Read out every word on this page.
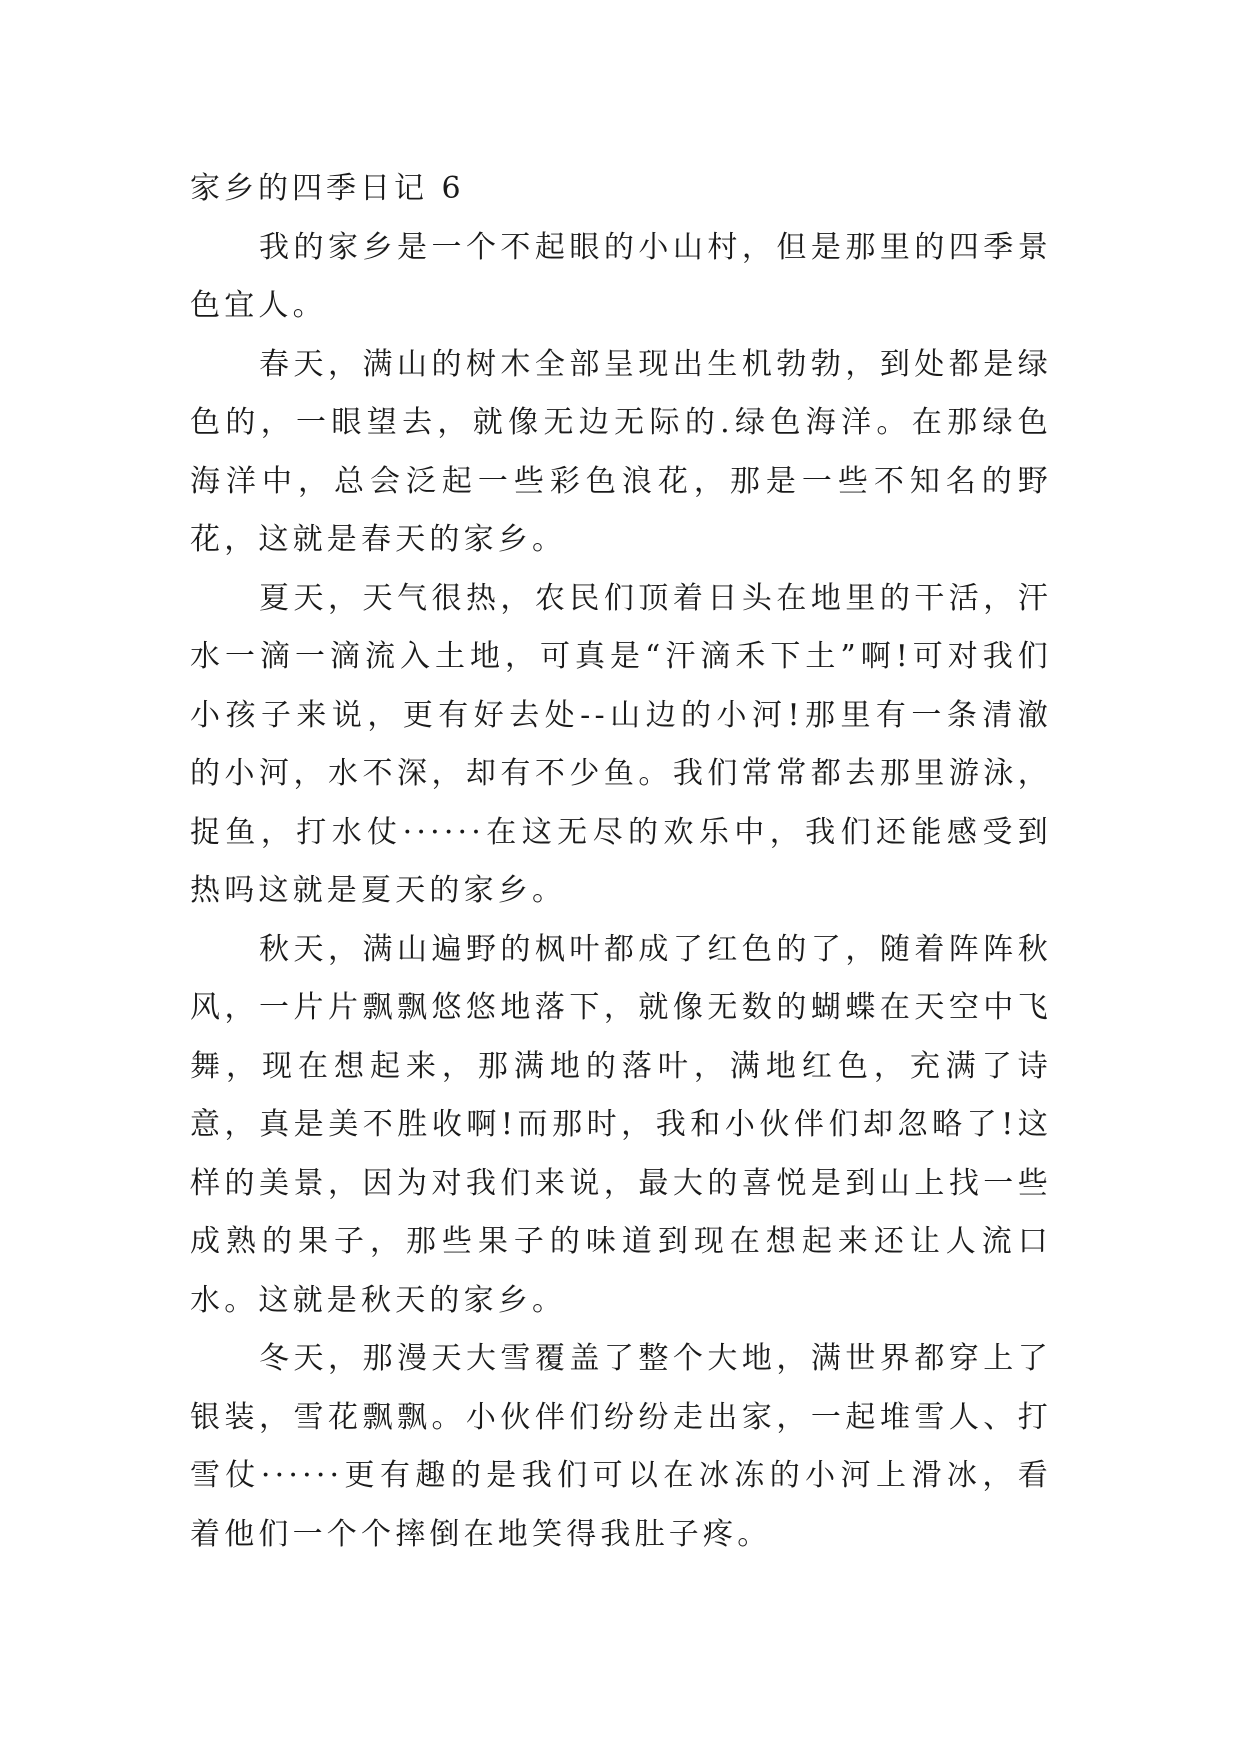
家乡的四季日记 6

我的家乡是一个不起眼的小山村，但是那里的四季景色宜人。

春天，满山的树木全部呈现出生机勃勃，到处都是绿色的，一眼望去，就像无边无际的.绿色海洋。在那绿色海洋中，总会泛起一些彩色浪花，那是一些不知名的野花，这就是春天的家乡。

夏天，天气很热，农民们顶着日头在地里的干活，汗水一滴一滴流入土地，可真是“汗滴禾下土”啊!可对我们小孩子来说，更有好去处--山边的小河!那里有一条清澈的小河，水不深，却有不少鱼。我们常常都去那里游泳，捉鱼，打水仗······在这无尽的欢乐中，我们还能感受到热吗这就是夏天的家乡。

秋天，满山遍野的枫叶都成了红色的了，随着阵阵秋风，一片片飘飘悠悠地落下，就像无数的蝴蝶在天空中飞舞，现在想起来，那满地的落叶，满地红色，充满了诗意，真是美不胜收啊!而那时，我和小伙伴们却忽略了!这样的美景，因为对我们来说，最大的喜悦是到山上找一些成熟的果子，那些果子的味道到现在想起来还让人流口水。这就是秋天的家乡。

冬天，那漫天大雪覆盖了整个大地，满世界都穿上了银装，雪花飘飘。小伙伴们纷纷走出家，一起堆雪人、打雪仗······更有趣的是我们可以在冰冻的小河上滑冰，看着他们一个个摔倒在地笑得我肚子疼。
